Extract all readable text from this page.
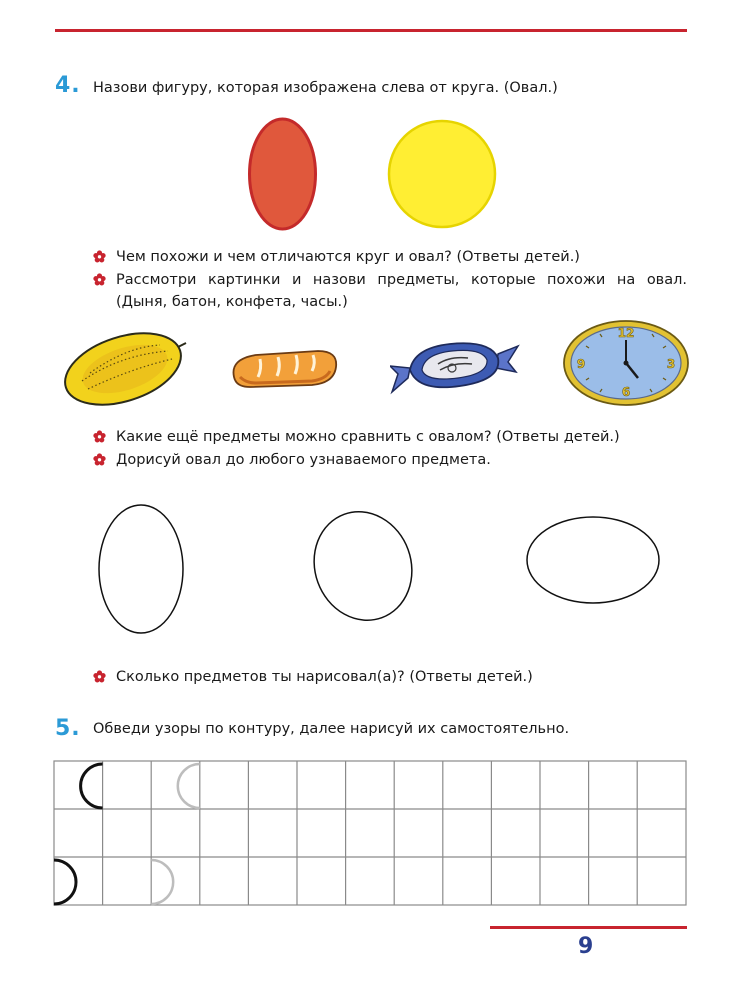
4. Назови фигуру, которая изображена слева от круга. (Овал.)
Чем похожи и чем отличаются круг и овал? (Ответы детей.)
Рассмотри картинки и назови предметы, которые похожи на овал. (Дыня, батон, конфета, часы.)
12
3
6
9
Какие ещё предметы можно сравнить с овалом? (Ответы детей.)
Дорисуй овал до любого узнаваемого предмета.
Сколько предметов ты нарисовал(а)? (Ответы детей.)
5. Обведи узоры по контуру, далее нарисуй их самостоятельно.
9
